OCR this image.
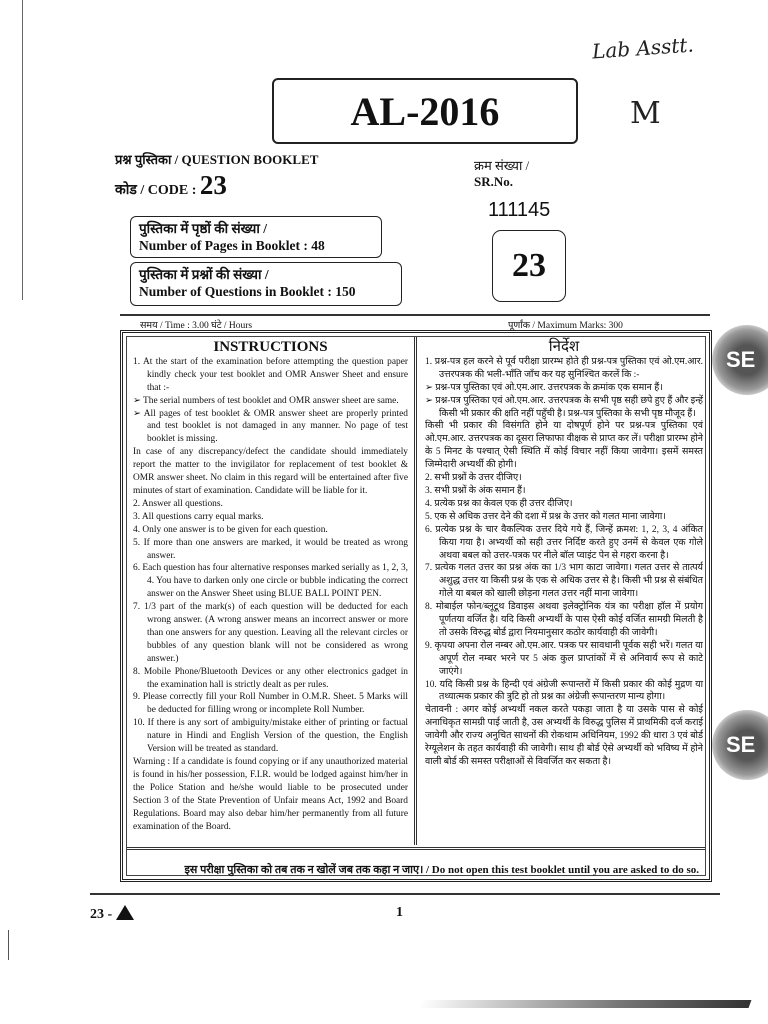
Lab Asstt.
M
AL-2016
प्रश्न पुस्तिका / QUESTION BOOKLET
कोड / CODE : 23
क्रम संख्या /
SR.No.
111145
पुस्तिका में पृष्ठों की संख्या /
Number of Pages in Booklet : 48
पुस्तिका में प्रश्नों की संख्या /
Number of Questions in Booklet : 150
23
समय / Time : 3.00 घंटे / Hours	पूर्णांक / Maximum Marks: 300
INSTRUCTIONS
1. At the start of the examination before attempting the question paper kindly check your test booklet and OMR Answer Sheet and ensure that :-
➢ The serial numbers of test booklet and OMR answer sheet are same.
➢ All pages of test booklet & OMR answer sheet are properly printed and test booklet is not damaged in any manner. No page of test booklet is missing.
In case of any discrepancy/defect the candidate should immediately report the matter to the invigilator for replacement of test booklet & OMR answer sheet. No claim in this regard will be entertained after five minutes of start of examination. Candidate will be liable for it.
2. Answer all questions.
3. All questions carry equal marks.
4. Only one answer is to be given for each question.
5. If more than one answers are marked, it would be treated as wrong answer.
6. Each question has four alternative responses marked serially as 1, 2, 3, 4. You have to darken only one circle or bubble indicating the correct answer on the Answer Sheet using BLUE BALL POINT PEN.
7. 1/3 part of the mark(s) of each question will be deducted for each wrong answer. (A wrong answer means an incorrect answer or more than one answers for any question. Leaving all the relevant circles or bubbles of any question blank will not be considered as wrong answer.)
8. Mobile Phone/Bluetooth Devices or any other electronics gadget in the examination hall is strictly dealt as per rules.
9. Please correctly fill your Roll Number in O.M.R. Sheet. 5 Marks will be deducted for filling wrong or incomplete Roll Number.
10. If there is any sort of ambiguity/mistake either of printing or factual nature in Hindi and English Version of the question, the English Version will be treated as standard.
Warning : If a candidate is found copying or if any unauthorized material is found in his/her possession, F.I.R. would be lodged against him/her in the Police Station and he/she would liable to be prosecuted under Section 3 of the State Prevention of Unfair means Act, 1992 and Board Regulations. Board may also debar him/her permanently from all future examination of the Board.
निर्देश
1. प्रश्न-पत्र हल करने से पूर्व परीक्षा प्रारम्भ होते ही प्रश्न-पत्र पुस्तिका एवं ओ.एम.आर. उत्तरपत्रक की भली-भाँति जाँच कर यह सुनिश्चित करलें कि :-
➢ प्रश्न-पत्र पुस्तिका एवं ओ.एम.आर. उत्तरपत्रक के क्रमांक एक समान हैं।
➢ प्रश्न-पत्र पुस्तिका एवं ओ.एम.आर. उत्तरपत्रक के सभी पृष्ठ सही छपे हुए हैं और इन्हें किसी भी प्रकार की क्षति नहीं पहुँची है। प्रश्न-पत्र पुस्तिका के सभी पृष्ठ मौजूद हैं।
किसी भी प्रकार की विसंगति होने या दोषपूर्ण होने पर प्रश्न-पत्र पुस्तिका एवं ओ.एम.आर. उत्तरपत्रक का दूसरा लिफाफा वीक्षक से प्राप्त कर लें। परीक्षा प्रारम्भ होने के 5 मिनट के पश्चात् ऐसी स्थिति में कोई विचार नहीं किया जावेगा। इसमें समस्त जिम्मेदारी अभ्यर्थी की होगी।
2. सभी प्रश्नों के उत्तर दीजिए।
3. सभी प्रश्नों के अंक समान हैं।
4. प्रत्येक प्रश्न का केवल एक ही उत्तर दीजिए।
5. एक से अधिक उत्तर देने की दशा में प्रश्न के उत्तर को गलत माना जावेगा।
6. प्रत्येक प्रश्न के चार वैकल्पिक उत्तर दिये गये हैं, जिन्हें क्रमश: 1, 2, 3, 4 अंकित किया गया है। अभ्यर्थी को सही उत्तर निर्दिष्ट करते हुए उनमें से केवल एक गोले अथवा बबल को उत्तर-पत्रक पर नीले बॉल प्वाइंट पेन से गहरा करना है।
7. प्रत्येक गलत उत्तर का प्रश्न अंक का 1/3 भाग काटा जावेगा। गलत उत्तर से तात्पर्य अशुद्ध उत्तर या किसी प्रश्न के एक से अधिक उत्तर से है। किसी भी प्रश्न से संबंधित गोले या बबल को खाली छोड़ना गलत उत्तर नहीं माना जावेगा।
8. मोबाईल फोन/ब्लूटूथ डिवाइस अथवा इलेक्ट्रोनिक यंत्र का परीक्षा हॉल में प्रयोग पूर्णतया वर्जित है। यदि किसी अभ्यर्थी के पास ऐसी कोई वर्जित सामग्री मिलती है तो उसके विरुद्ध बोर्ड द्वारा नियमानुसार कठोर कार्यवाही की जावेगी।
9. कृपया अपना रोल नम्बर ओ.एम.आर. पत्रक पर सावधानी पूर्वक सही भरें। गलत या अपूर्ण रोल नम्बर भरने पर 5 अंक कुल प्राप्तांकों में से अनिवार्य रूप से काटे जाएंगे।
10. यदि किसी प्रश्न के हिन्दी एवं अंग्रेजी रूपान्तरों में किसी प्रकार की कोई मुद्रण या तथ्यात्मक प्रकार की त्रुटि हो तो प्रश्न का अंग्रेजी रूपान्तरण मान्य होगा।
चेतावनी : अगर कोई अभ्यर्थी नकल करते पकड़ा जाता है या उसके पास से कोई अनाधिकृत सामग्री पाई जाती है, उस अभ्यर्थी के विरुद्ध पुलिस में प्राथमिकी दर्ज कराई जावेगी और राज्य अनुचित साधनों की रोकथाम अधिनियम, 1992 की धारा 3 एवं बोर्ड रेग्यूलेशन के तहत कार्यवाही की जावेगी। साथ ही बोर्ड ऐसे अभ्यर्थी को भविष्य में होने वाली बोर्ड की समस्त परीक्षाओं से विवर्जित कर सकता है।
इस परीक्षा पुस्तिका को तब तक न खोलें जब तक कहा न जाए। / Do not open this test booklet until you are asked to do so.
SE
SE
23 -	1
